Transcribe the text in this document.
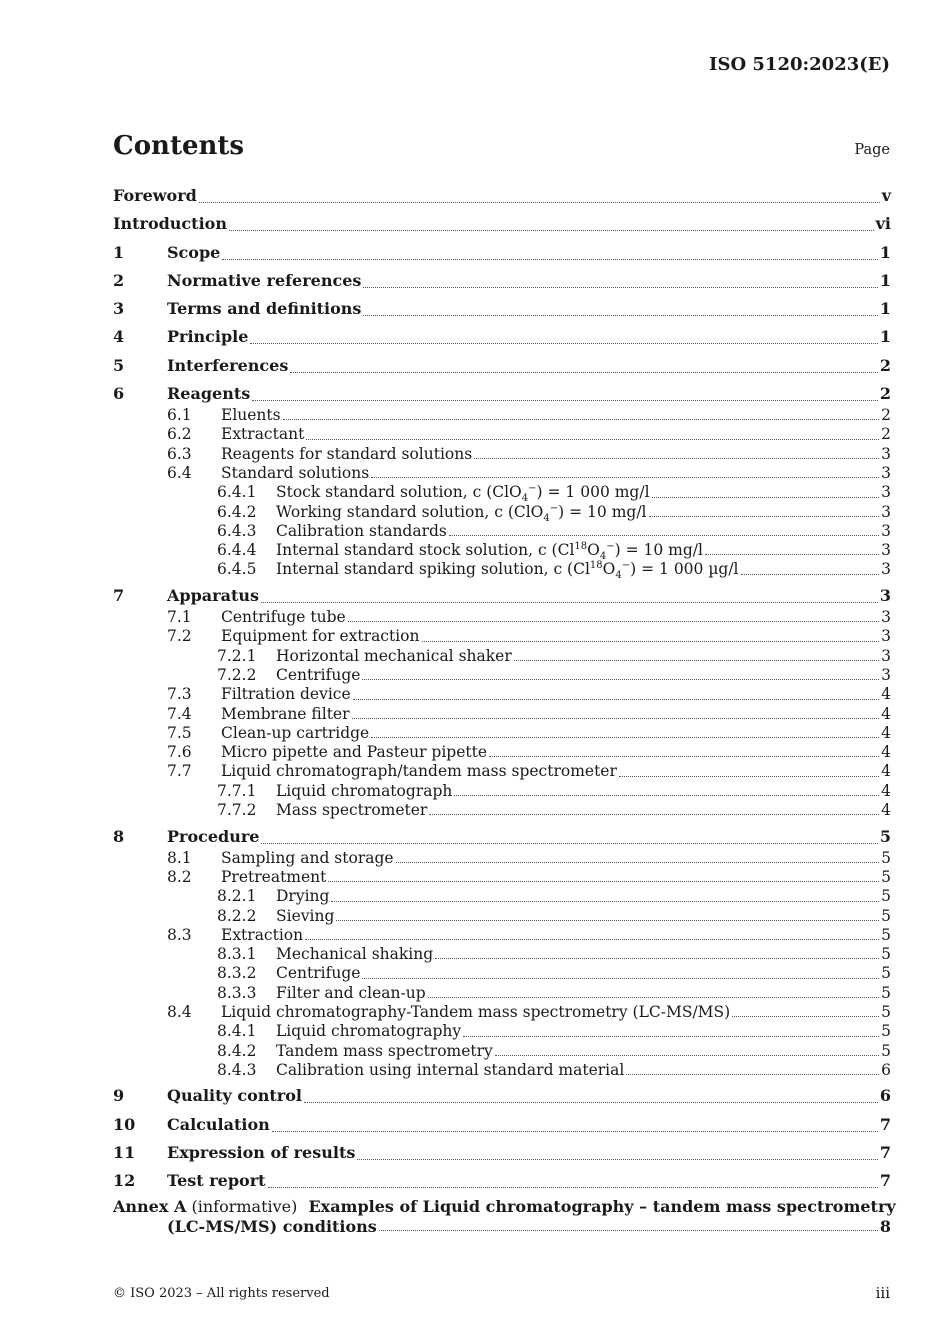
ISO 5120:2023(E)
Contents	Page
Foreword	v
Introduction	vi
1	Scope	1
2	Normative references	1
3	Terms and definitions	1
4	Principle	1
5	Interferences	2
6	Reagents	2
6.1	Eluents	2
6.2	Extractant	2
6.3	Reagents for standard solutions	3
6.4	Standard solutions	3
6.4.1	Stock standard solution, c (ClO$_4$−) = 1 000 mg/l	3
6.4.2	Working standard solution, c (ClO$_4$−) = 10 mg/l	3
6.4.3	Calibration standards	3
6.4.4	Internal standard stock solution, c $(Cl^{18}O_4^-) = 10$ mg/l	3
6.4.5	Internal standard spiking solution, c $(Cl^{18}O_4^-) = 1$ 000 µg/l	3
7	Apparatus	3
7.1	Centrifuge tube	3
7.2	Equipment for extraction	3
7.2.1	Horizontal mechanical shaker	3
7.2.2	Centrifuge	3
7.3	Filtration device	4
7.4	Membrane filter	4
7.5	Clean-up cartridge	4
7.6	Micro pipette and Pasteur pipette	4
7.7	Liquid chromatograph/tandem mass spectrometer	4
7.7.1	Liquid chromatograph	4
7.7.2	Mass spectrometer	4
8	Procedure	5
8.1	Sampling and storage	5
8.2	Pretreatment	5
8.2.1	Drying	5
8.2.2	Sieving	5
8.3	Extraction	5
8.3.1	Mechanical shaking	5
8.3.2	Centrifuge	5
8.3.3	Filter and clean-up	5
8.4	Liquid chromatography-Tandem mass spectrometry (LC-MS/MS)	5
8.4.1	Liquid chromatography	5
8.4.2	Tandem mass spectrometry	5
8.4.3	Calibration using internal standard material	6
9	Quality control	6
10	Calculation	7
11	Expression of results	7
12	Test report	7
Annex A (informative) Examples of Liquid chromatography – tandem mass spectrometry
(LC-MS/MS) conditions	8
© ISO 2023 – All rights reserved	iii
